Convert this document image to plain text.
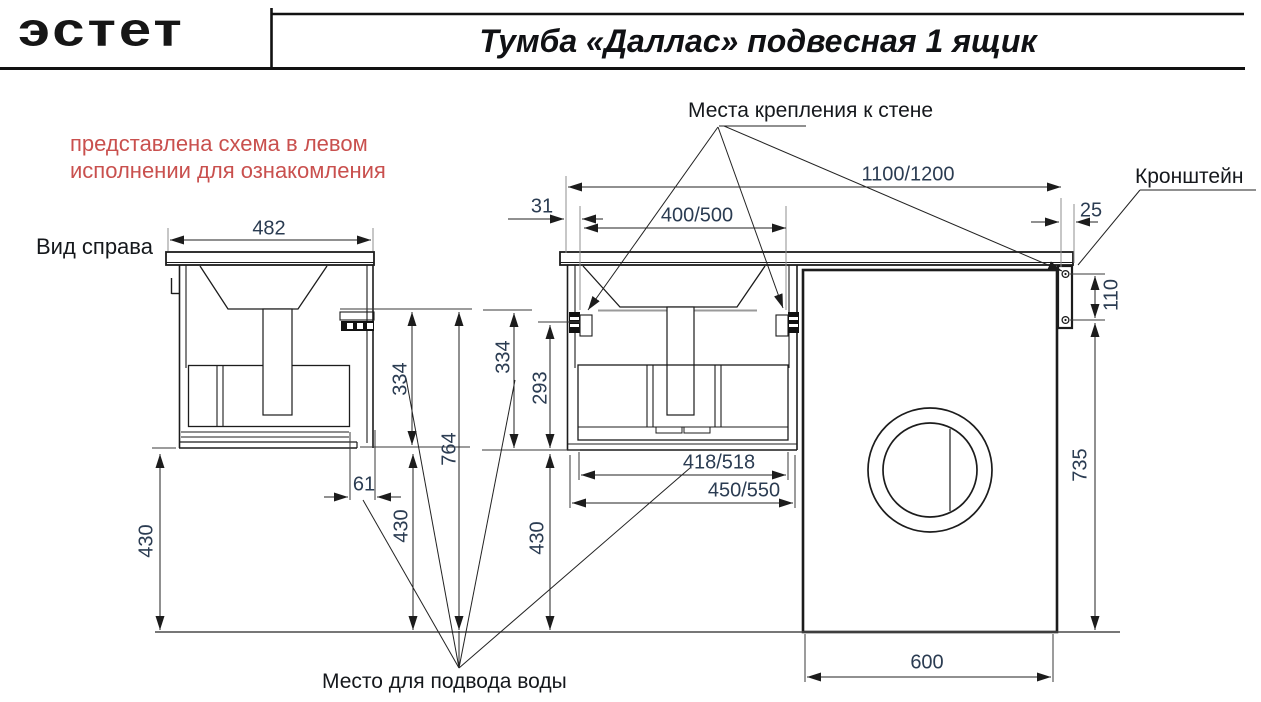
эстет	Тумба «Даллас» подвесная 1 ящик
представлена схема в левом
исполнении для ознакомления
Вид справа
Места крепления к стене
Кронштейн
Место для подвода воды
482
31	400/500
1100/1200
25
61
418/518
450/550
600
334
764
430	430	430
334
293
110
735
